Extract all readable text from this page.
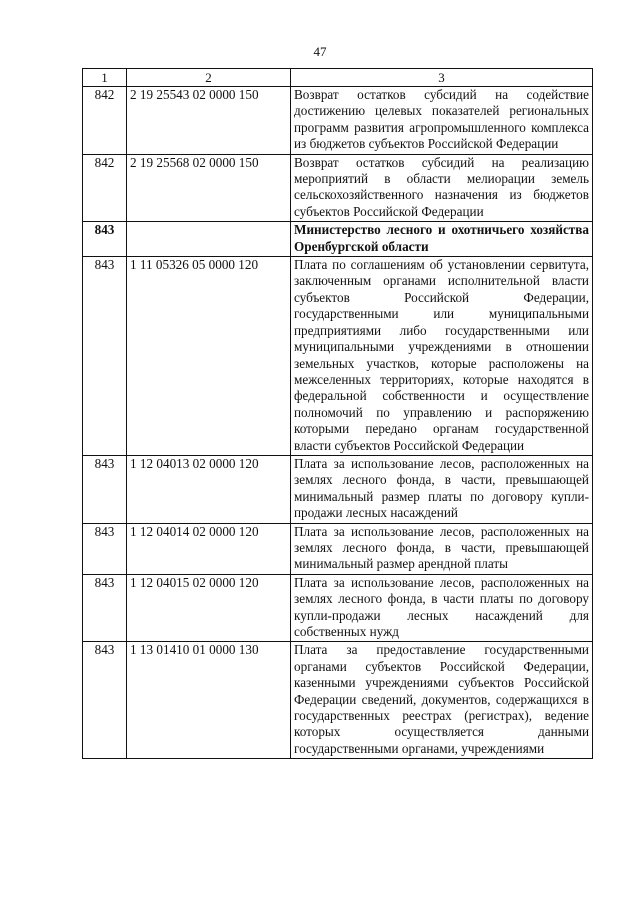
47
1	2	3
842	2 19 25543 02 0000 150	Возврат остатков субсидий на содействие достижению целевых показателей региональных программ развития агропромышленного комплекса из бюджетов субъектов Российской Федерации
842	2 19 25568 02 0000 150	Возврат остатков субсидий на реализацию мероприятий в области мелиорации земель сельскохозяйственного назначения из бюджетов субъектов Российской Федерации
843		Министерство лесного и охотничьего хозяйства Оренбургской области
843	1 11 05326 05 0000 120	Плата по соглашениям об установлении сервитута, заключенным органами исполнительной власти субъектов Российской Федерации, государственными или муниципальными предприятиями либо государственными или муниципальными учреждениями в отношении земельных участков, которые расположены на межселенных территориях, которые находятся в федеральной собственности и осуществление полномочий по управлению и распоряжению которыми передано органам государственной власти субъектов Российской Федерации
843	1 12 04013 02 0000 120	Плата за использование лесов, расположенных на землях лесного фонда, в части, превышающей минимальный размер платы по договору купли-продажи лесных насаждений
843	1 12 04014 02 0000 120	Плата за использование лесов, расположенных на землях лесного фонда, в части, превышающей минимальный размер арендной платы
843	1 12 04015 02 0000 120	Плата за использование лесов, расположенных на землях лесного фонда, в части платы по договору купли-продажи лесных насаждений для собственных нужд
843	1 13 01410 01 0000 130	Плата за предоставление государственными органами субъектов Российской Федерации, казенными учреждениями субъектов Российской Федерации сведений, документов, содержащихся в государственных реестрах (регистрах), ведение которых осуществляется данными государственными органами, учреждениями
